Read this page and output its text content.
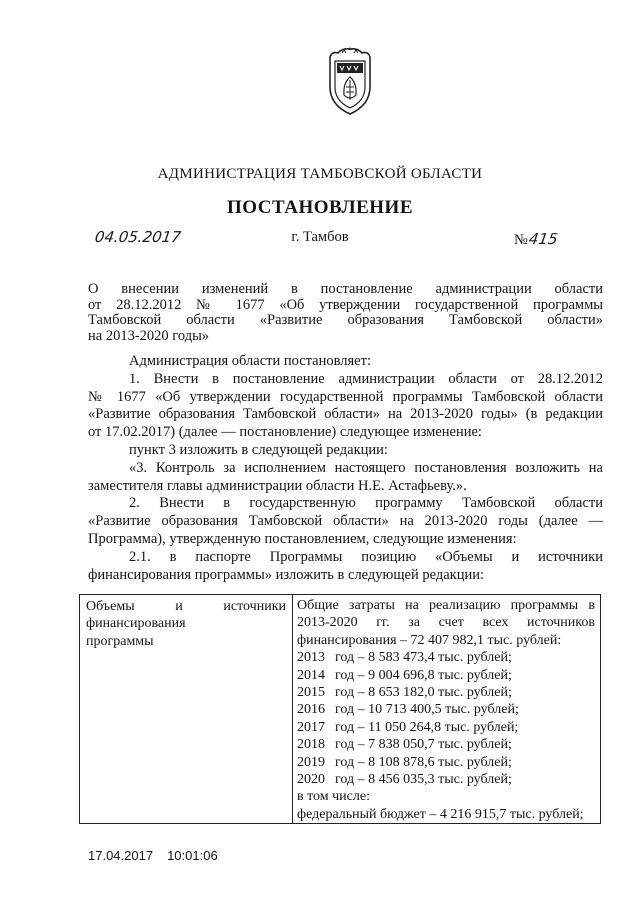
АДМИНИСТРАЦИЯ ТАМБОВСКОЙ ОБЛАСТИ
ПОСТАНОВЛЕНИЕ
04.05.2017	г. Тамбов	№415
О внесении изменений в постановление администрации области
от 28.12.2012 № 1677 «Об утверждении государственной программы
Тамбовской области «Развитие образования Тамбовской области»
на 2013-2020 годы»
Администрация области постановляет:
1. Внести в постановление администрации области от 28.12.2012
№ 1677 «Об утверждении государственной программы Тамбовской области
«Развитие образования Тамбовской области» на 2013-2020 годы» (в редакции
от 17.02.2017) (далее — постановление) следующее изменение:
пункт 3 изложить в следующей редакции:
«3. Контроль за исполнением настоящего постановления возложить на
заместителя главы администрации области Н.Е. Астафьеву.».
2. Внести в государственную программу Тамбовской области
«Развитие образования Тамбовской области» на 2013-2020 годы (далее —
Программа), утвержденную постановлением, следующие изменения:
2.1. в паспорте Программы позицию «Объемы и источники
финансирования программы» изложить в следующей редакции:
Объемы и источники
финансирования
программы

Общие затраты на реализацию программы в
2013-2020 гг. за счет всех источников
финансирования – 72 407 982,1 тыс. рублей:
2013 год – 8 583 473,4 тыс. рублей;
2014 год – 9 004 696,8 тыс. рублей;
2015 год – 8 653 182,0 тыс. рублей;
2016 год – 10 713 400,5 тыс. рублей;
2017 год – 11 050 264,8 тыс. рублей;
2018 год – 7 838 050,7 тыс. рублей;
2019 год – 8 108 878,6 тыс. рублей;
2020 год – 8 456 035,3 тыс. рублей;
в том числе:
федеральный бюджет – 4 216 915,7 тыс. рублей;
17.04.2017 10:01:06
